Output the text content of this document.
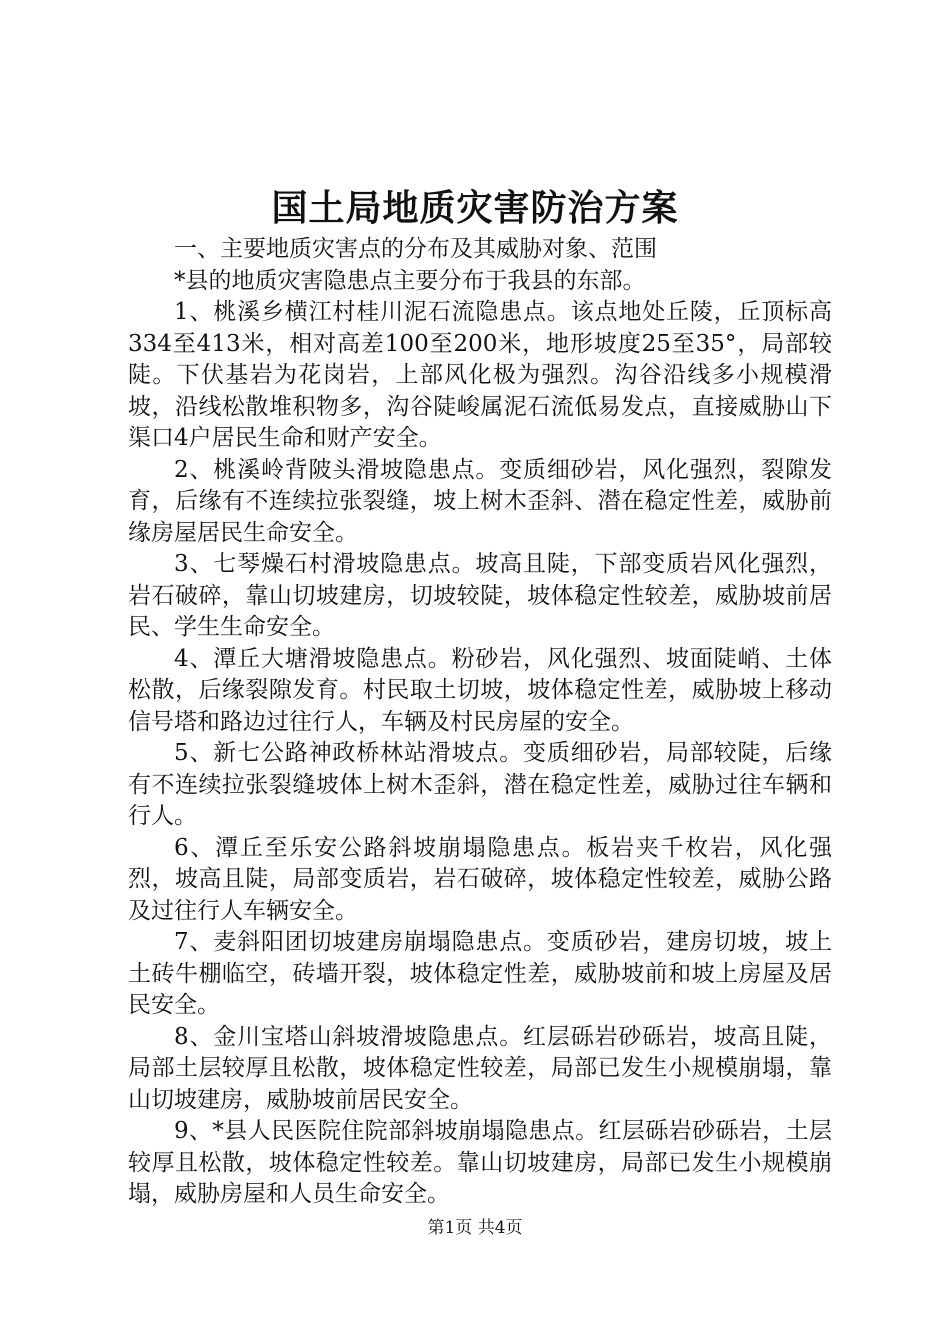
国土局地质灾害防治方案

一、主要地质灾害点的分布及其威胁对象、范围

*县的地质灾害隐患点主要分布于我县的东部。

1、桃溪乡横江村桂川泥石流隐患点。该点地处丘陵，丘顶标高334至413米，相对高差100至200米，地形坡度25至35°，局部较陡。下伏基岩为花岗岩，上部风化极为强烈。沟谷沿线多小规模滑坡，沿线松散堆积物多，沟谷陡峻属泥石流低易发点，直接威胁山下渠口4户居民生命和财产安全。

2、桃溪岭背陂头滑坡隐患点。变质细砂岩，风化强烈，裂隙发育，后缘有不连续拉张裂缝，坡上树木歪斜、潜在稳定性差，威胁前缘房屋居民生命安全。

3、七琴燥石村滑坡隐患点。坡高且陡，下部变质岩风化强烈，岩石破碎，靠山切坡建房，切坡较陡，坡体稳定性较差，威胁坡前居民、学生生命安全。

4、潭丘大塘滑坡隐患点。粉砂岩，风化强烈、坡面陡峭、土体松散，后缘裂隙发育。村民取土切坡，坡体稳定性差，威胁坡上移动信号塔和路边过往行人，车辆及村民房屋的安全。

5、新七公路神政桥林站滑坡点。变质细砂岩，局部较陡，后缘有不连续拉张裂缝坡体上树木歪斜，潜在稳定性差，威胁过往车辆和行人。

6、潭丘至乐安公路斜坡崩塌隐患点。板岩夹千枚岩，风化强烈，坡高且陡，局部变质岩，岩石破碎，坡体稳定性较差，威胁公路及过往行人车辆安全。

7、麦斜阳团切坡建房崩塌隐患点。变质砂岩，建房切坡，坡上土砖牛棚临空，砖墙开裂，坡体稳定性差，威胁坡前和坡上房屋及居民安全。

8、金川宝塔山斜坡滑坡隐患点。红层砾岩砂砾岩，坡高且陡，局部土层较厚且松散，坡体稳定性较差，局部已发生小规模崩塌，靠山切坡建房，威胁坡前居民安全。

9、*县人民医院住院部斜坡崩塌隐患点。红层砾岩砂砾岩，土层较厚且松散，坡体稳定性较差。靠山切坡建房，局部已发生小规模崩塌，威胁房屋和人员生命安全。

第1页 共4页
